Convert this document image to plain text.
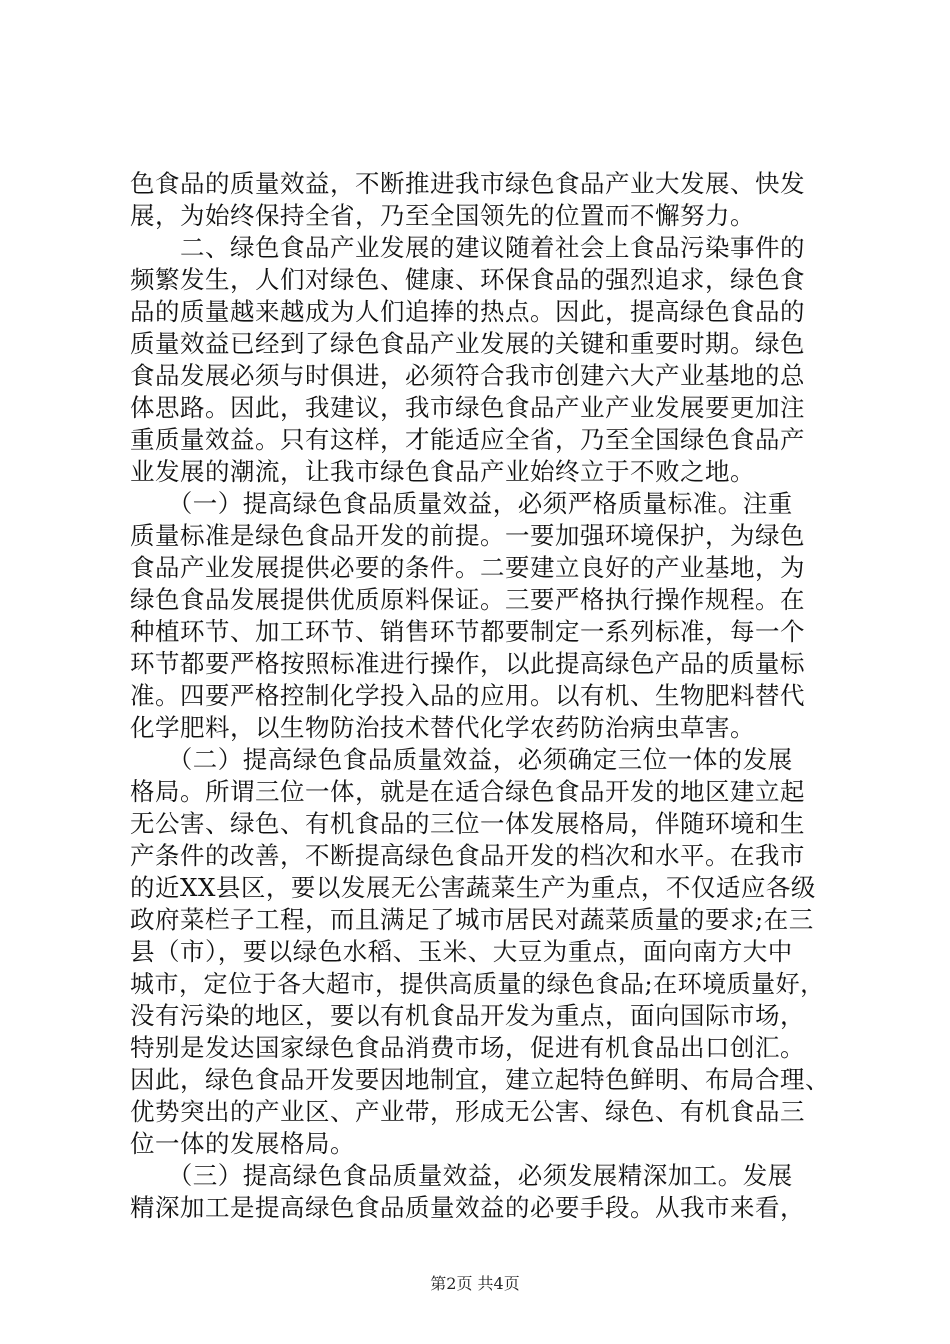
色食品的质量效益，不断推进我市绿色食品产业大发展、快发
展，为始终保持全省，乃至全国领先的位置而不懈努力。
　　二、绿色食品产业发展的建议随着社会上食品污染事件的
频繁发生，人们对绿色、健康、环保食品的强烈追求，绿色食
品的质量越来越成为人们追捧的热点。因此，提高绿色食品的
质量效益已经到了绿色食品产业发展的关键和重要时期。绿色
食品发展必须与时俱进，必须符合我市创建六大产业基地的总
体思路。因此，我建议，我市绿色食品产业产业发展要更加注
重质量效益。只有这样，才能适应全省，乃至全国绿色食品产
业发展的潮流，让我市绿色食品产业始终立于不败之地。
　　（一）提高绿色食品质量效益，必须严格质量标准。注重
质量标准是绿色食品开发的前提。一要加强环境保护，为绿色
食品产业发展提供必要的条件。二要建立良好的产业基地，为
绿色食品发展提供优质原料保证。三要严格执行操作规程。在
种植环节、加工环节、销售环节都要制定一系列标准，每一个
环节都要严格按照标准进行操作，以此提高绿色产品的质量标
准。四要严格控制化学投入品的应用。以有机、生物肥料替代
化学肥料，以生物防治技术替代化学农药防治病虫草害。
　　（二）提高绿色食品质量效益，必须确定三位一体的发展
格局。所谓三位一体，就是在适合绿色食品开发的地区建立起
无公害、绿色、有机食品的三位一体发展格局，伴随环境和生
产条件的改善，不断提高绿色食品开发的档次和水平。在我市
的近XX县区，要以发展无公害蔬菜生产为重点，不仅适应各级
政府菜栏子工程，而且满足了城市居民对蔬菜质量的要求;在三
县（市），要以绿色水稻、玉米、大豆为重点，面向南方大中
城市，定位于各大超市，提供高质量的绿色食品;在环境质量好，
没有污染的地区，要以有机食品开发为重点，面向国际市场，
特别是发达国家绿色食品消费市场，促进有机食品出口创汇。
因此，绿色食品开发要因地制宜，建立起特色鲜明、布局合理、
优势突出的产业区、产业带，形成无公害、绿色、有机食品三
位一体的发展格局。
　　（三）提高绿色食品质量效益，必须发展精深加工。发展
精深加工是提高绿色食品质量效益的必要手段。从我市来看，
第2页 共4页
